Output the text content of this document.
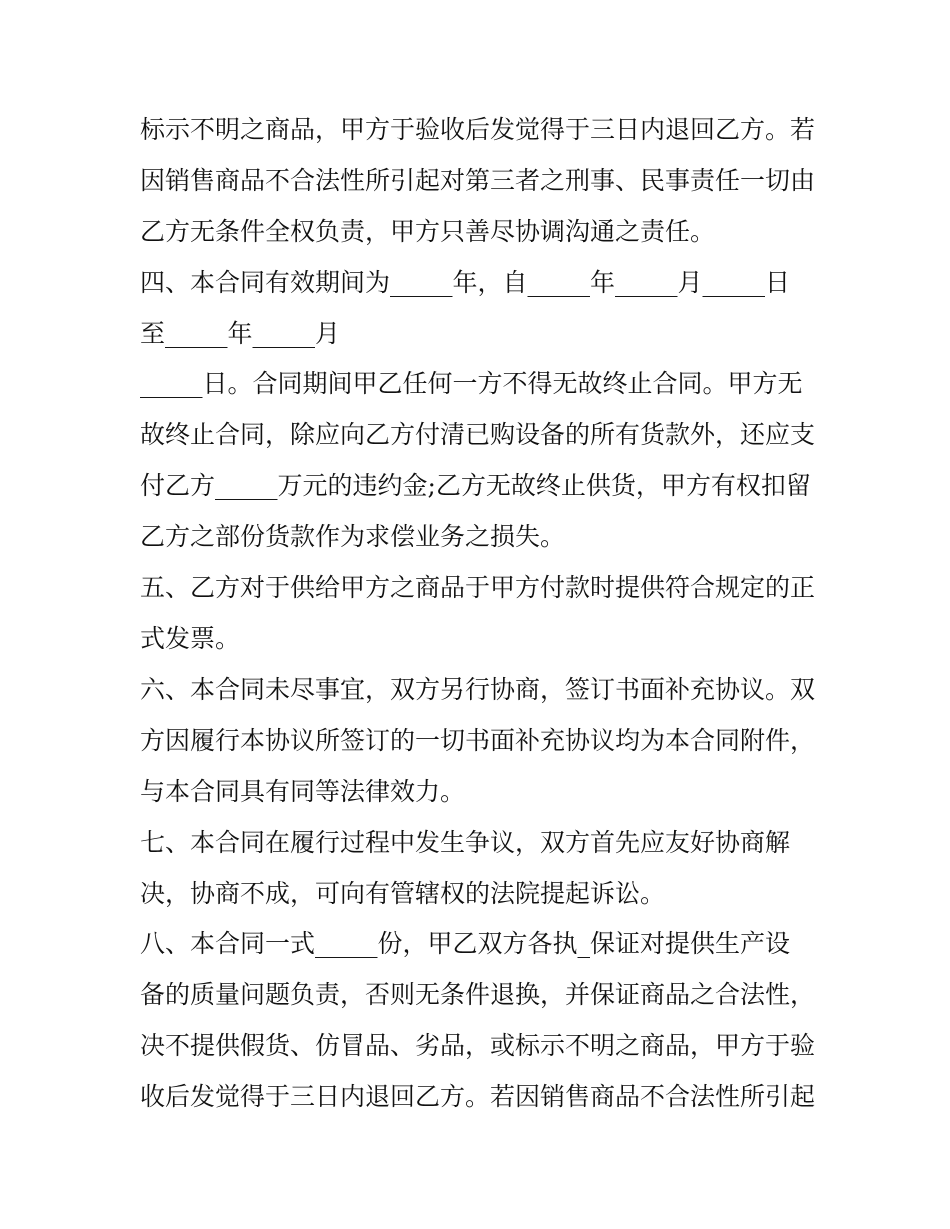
标示不明之商品，甲方于验收后发觉得于三日内退回乙方。若
因销售商品不合法性所引起对第三者之刑事、民事责任一切由
乙方无条件全权负责，甲方只善尽协调沟通之责任。
四、本合同有效期间为_____年，自_____年_____月_____日
至_____年_____月
_____日。合同期间甲乙任何一方不得无故终止合同。甲方无
故终止合同，除应向乙方付清已购设备的所有货款外，还应支
付乙方_____万元的违约金;乙方无故终止供货，甲方有权扣留
乙方之部份货款作为求偿业务之损失。
五、乙方对于供给甲方之商品于甲方付款时提供符合规定的正
式发票。
六、本合同未尽事宜，双方另行协商，签订书面补充协议。双
方因履行本协议所签订的一切书面补充协议均为本合同附件，
与本合同具有同等法律效力。
七、本合同在履行过程中发生争议，双方首先应友好协商解
决，协商不成，可向有管辖权的法院提起诉讼。
八、本合同一式_____份，甲乙双方各执_保证对提供生产设
备的质量问题负责，否则无条件退换，并保证商品之合法性，
决不提供假货、仿冒品、劣品，或标示不明之商品，甲方于验
收后发觉得于三日内退回乙方。若因销售商品不合法性所引起
